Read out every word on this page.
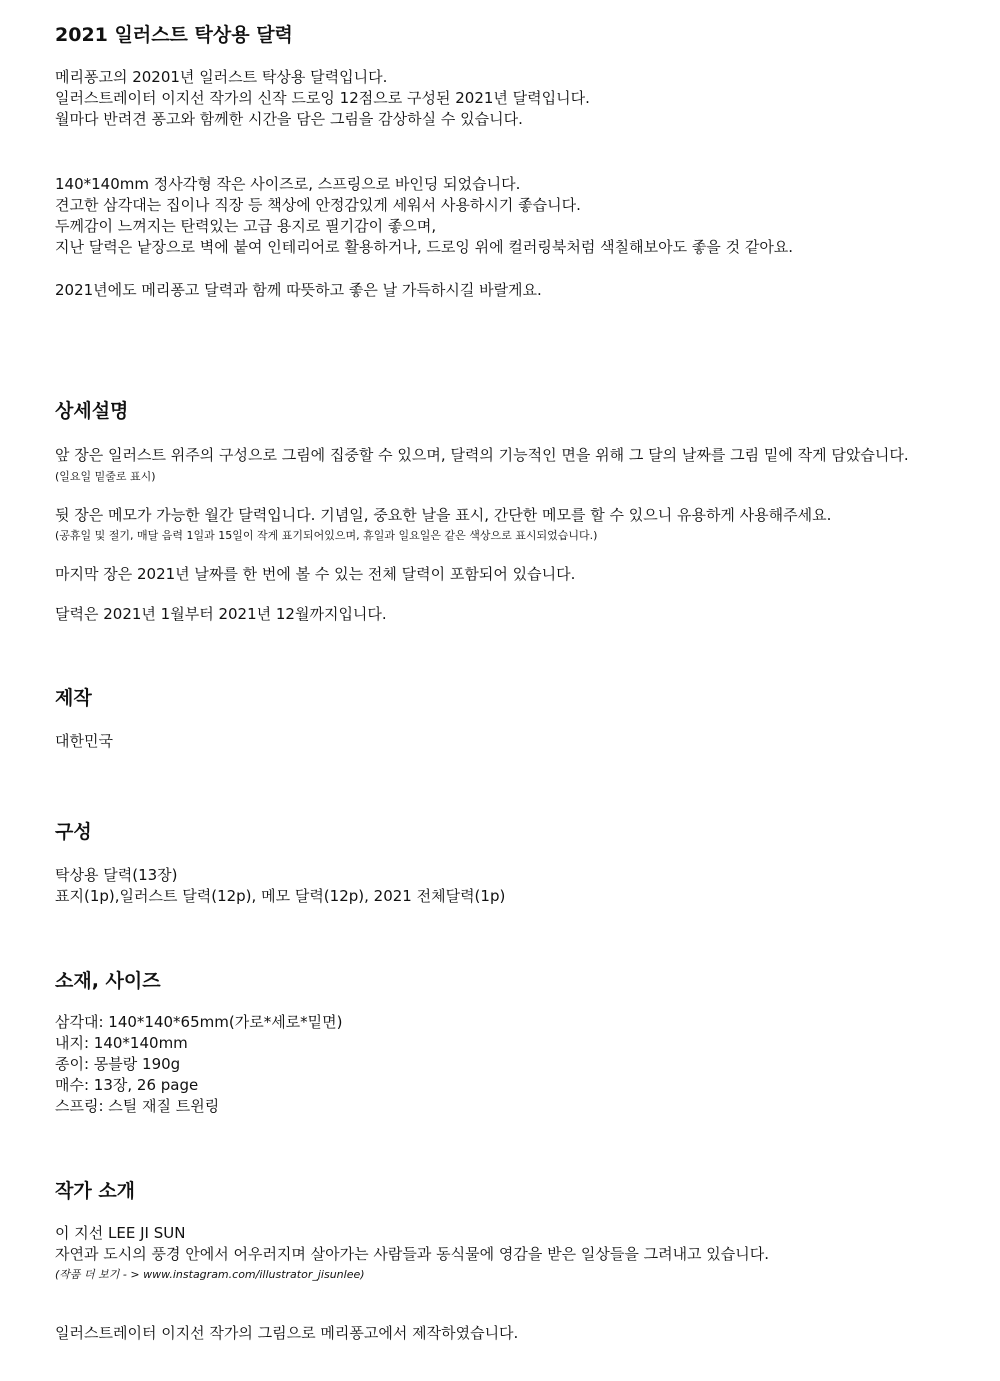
2021 일러스트 탁상용 달력
메리퐁고의 20201년 일러스트 탁상용 달력입니다.
일러스트레이터 이지선 작가의 신작 드로잉 12점으로 구성된 2021년 달력입니다.
월마다 반려견 퐁고와 함께한 시간을 담은 그림을 감상하실 수 있습니다.
140*140mm 정사각형 작은 사이즈로, 스프링으로 바인딩 되었습니다.
견고한 삼각대는 집이나 직장 등 책상에 안정감있게 세워서 사용하시기 좋습니다.
두께감이 느껴지는 탄력있는 고급 용지로 필기감이 좋으며,
지난 달력은 낱장으로 벽에 붙여 인테리어로 활용하거나, 드로잉 위에 컬러링북처럼 색칠해보아도 좋을 것 같아요.
2021년에도 메리퐁고 달력과 함께 따뜻하고 좋은 날 가득하시길 바랄게요.
상세설명
앞 장은 일러스트 위주의 구성으로 그림에 집중할 수 있으며, 달력의 기능적인 면을 위해 그 달의 날짜를 그림 밑에 작게 담았습니다.
(일요일 밑줄로 표시)
뒷 장은 메모가 가능한 월간 달력입니다. 기념일, 중요한 날을 표시, 간단한 메모를 할 수 있으니 유용하게 사용해주세요.
(공휴일 및 절기, 매달 음력 1일과 15일이 작게 표기되어있으며, 휴일과 일요일은 같은 색상으로 표시되었습니다.)
마지막 장은 2021년 날짜를 한 번에 볼 수 있는 전체 달력이 포함되어 있습니다.
달력은 2021년 1월부터 2021년 12월까지입니다.
제작
대한민국
구성
탁상용 달력(13장)
표지(1p),일러스트 달력(12p), 메모 달력(12p), 2021 전체달력(1p)
소재, 사이즈
삼각대: 140*140*65mm(가로*세로*밑면)
내지: 140*140mm
종이: 몽블랑 190g
매수: 13장, 26 page
스프링: 스틸 재질 트윈링
작가 소개
이 지선 LEE JI SUN
자연과 도시의 풍경 안에서 어우러지며 살아가는 사람들과 동식물에 영감을 받은 일상들을 그려내고 있습니다.
(작품 더 보기 - > www.instagram.com/illustrator_jisunlee)
일러스트레이터 이지선 작가의 그림으로 메리퐁고에서 제작하였습니다.
